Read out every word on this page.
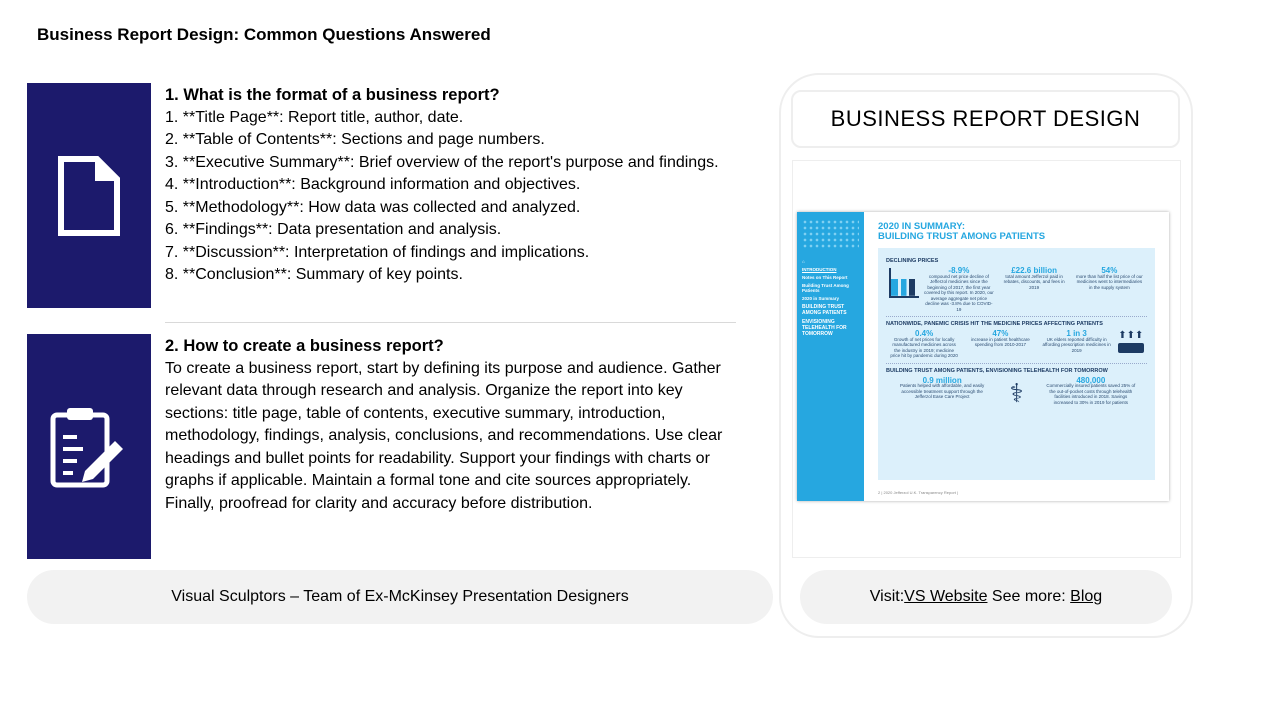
Business Report Design: Common Questions Answered
1. What is the format of a business report?
1. **Title Page**: Report title, author, date.
2. **Table of Contents**: Sections and page numbers.
3. **Executive Summary**: Brief overview of the report's purpose and findings.
4. **Introduction**: Background information and objectives.
5. **Methodology**: How data was collected and analyzed.
6. **Findings**: Data presentation and analysis.
7. **Discussion**: Interpretation of findings and implications.
8. **Conclusion**: Summary of key points.
2. How to create a business report?
To create a business report, start by defining its purpose and audience. Gather relevant data through research and analysis. Organize the report into key sections: title page, table of contents, executive summary, introduction, methodology, findings, analysis, conclusions, and recommendations. Use clear headings and bullet points for readability. Support your findings with charts or graphs if applicable. Maintain a formal tone and cite sources appropriately. Finally, proofread for clarity and accuracy before distribution.
Visual Sculptors – Team of Ex-McKinsey Presentation Designers
BUSINESS REPORT DESIGN
⌂
INTRODUCTION
Notes on This Report
Building Trust Among Patients
2020 in Summary
BUILDING TRUST AMONG PATIENTS
ENVISIONING TELEHEALTH FOR TOMORROW
2020 IN SUMMARY:
BUILDING TRUST AMONG PATIENTS
DECLINING PRICES
-8.9%
compound net price decline of Jefferzol medicines since the beginning of 2017, the first year covered by this report. In 2020, our average aggregate net price decline was -3.8% due to COVID-19
£22.6 billion
total amount Jefferzol paid in rebates, discounts, and fees in 2019
54%
more than half the list price of our medicines went to intermediaries in the supply system
NATIONWIDE, PANEMIC CRISIS HIT THE MEDICINE PRICES AFFECTING PATIENTS
0.4%
Growth of net prices for locally manufactured medicines across the industry in 2019; medicine price hit by pandemic during 2020
47%
increase in patient healthcare spending from 2010-2017
1 in 3
UK elders reported difficulty in affording prescription medicines in 2019
⬆⬆⬆
BUILDING TRUST AMONG PATIENTS, ENVISIONING TELEHEALTH FOR TOMORROW
0.9 million
Patients helped with affordable, and easily accessible treatment support through the Jefferzol Ease Care Project	⚕	480,000
Commercially insured patients saved 25% of the out-of-pocket costs through telehealth facilities introduced in 2018. Savings increased to 30% in 2019 for patients
2 | 2020 Jefferzol U.K. Transparency Report |
Visit: VS Website See more: Blog
